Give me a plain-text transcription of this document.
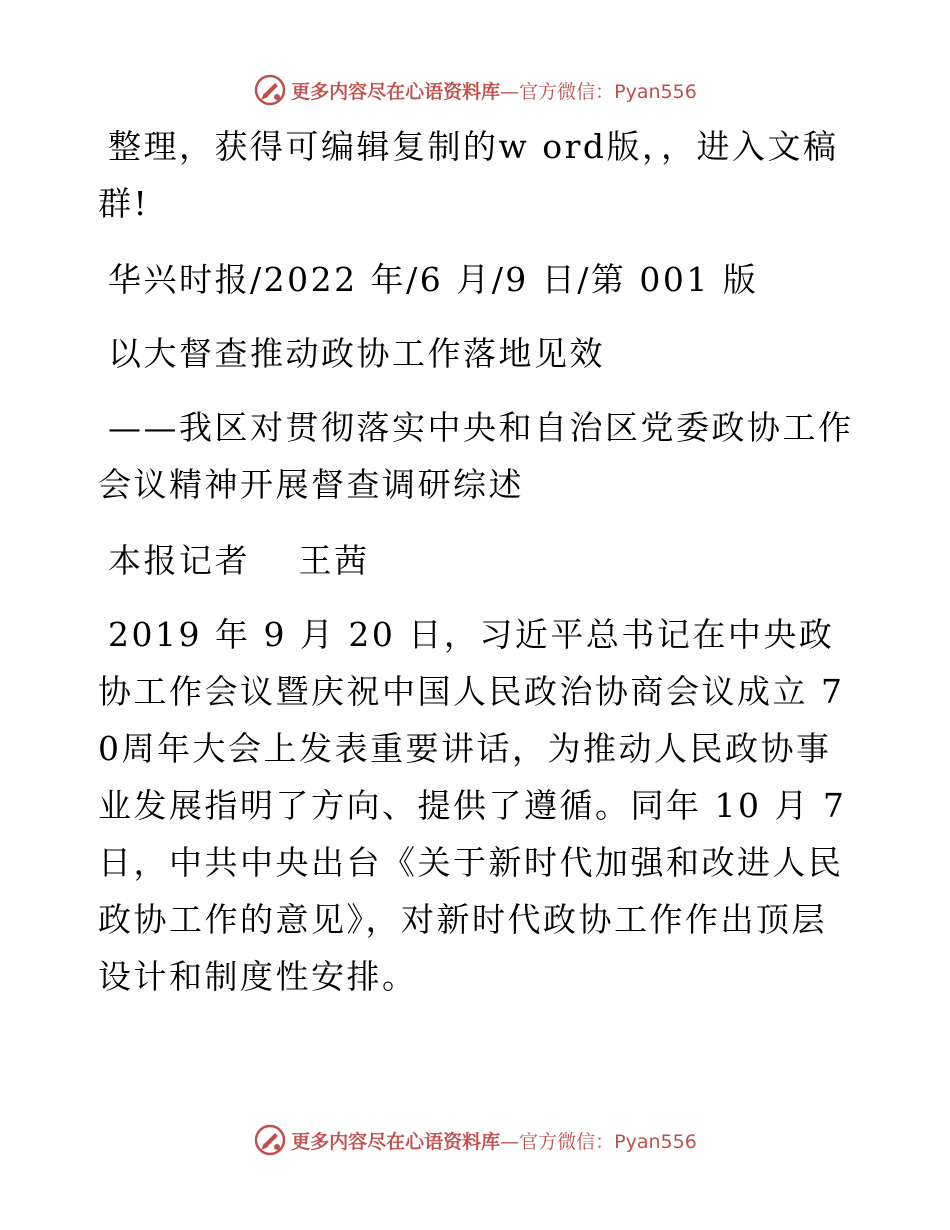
更多内容尽在心语资料库—官方微信：Pyan556

整理，获得可编辑复制的w ord版，，进入文稿群!

华兴时报/2022 年/6 月/9 日/第 001 版

以大督查推动政协工作落地见效

——我区对贯彻落实中央和自治区党委政协工作会议精神开展督查调研综述

本报记者　 王茜

2019 年 9 月 20 日，习近平总书记在中央政协工作会议暨庆祝中国人民政治协商会议成立 70周年大会上发表重要讲话，为推动人民政协事业发展指明了方向、提供了遵循。同年 10 月 7 日，中共中央出台《关于新时代加强和改进人民政协工作的意见》，对新时代政协工作作出顶层设计和制度性安排。

更多内容尽在心语资料库—官方微信：Pyan556
